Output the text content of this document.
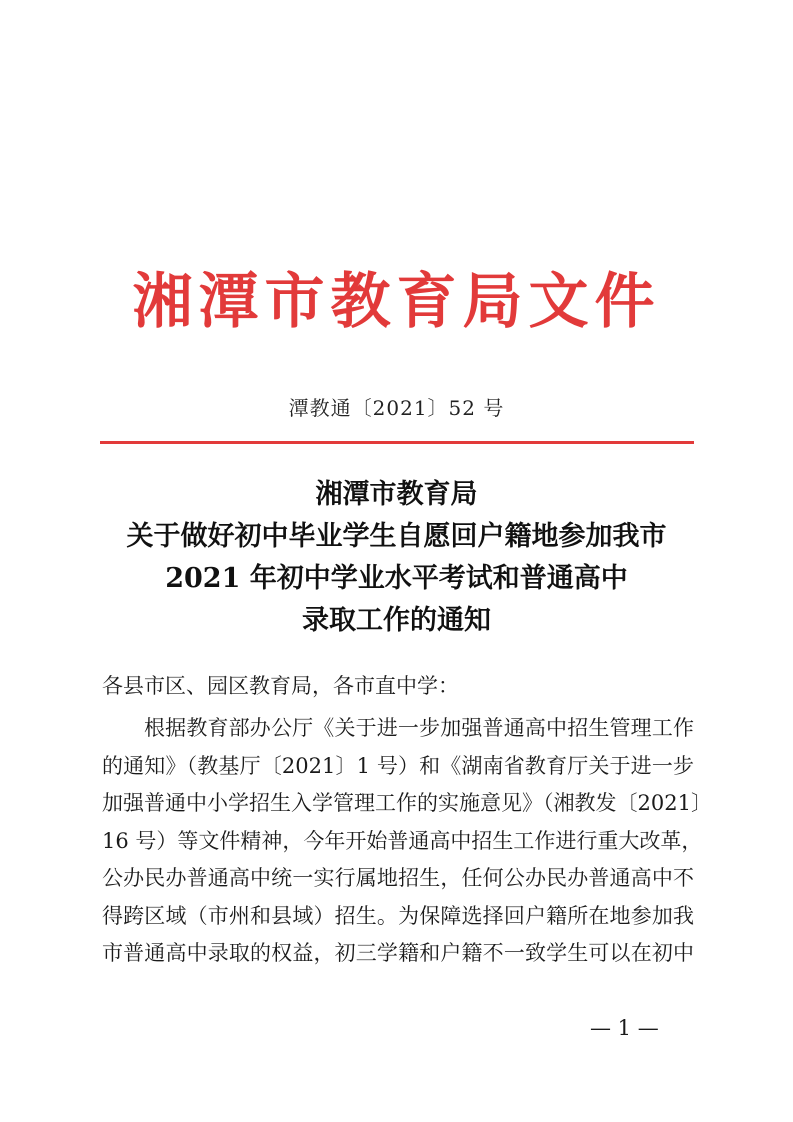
湘潭市教育局文件
潭教通〔2021〕52 号
湘潭市教育局
关于做好初中毕业学生自愿回户籍地参加我市
2021 年初中学业水平考试和普通高中
录取工作的通知
各县市区、园区教育局，各市直中学：
根据教育部办公厅《关于进一步加强普通高中招生管理工作
的通知》（教基厅〔2021〕1 号）和《湖南省教育厅关于进一步
加强普通中小学招生入学管理工作的实施意见》（湘教发〔2021〕
16 号）等文件精神，今年开始普通高中招生工作进行重大改革，
公办民办普通高中统一实行属地招生，任何公办民办普通高中不
得跨区域（市州和县域）招生。为保障选择回户籍所在地参加我
市普通高中录取的权益，初三学籍和户籍不一致学生可以在初中
— 1 —
